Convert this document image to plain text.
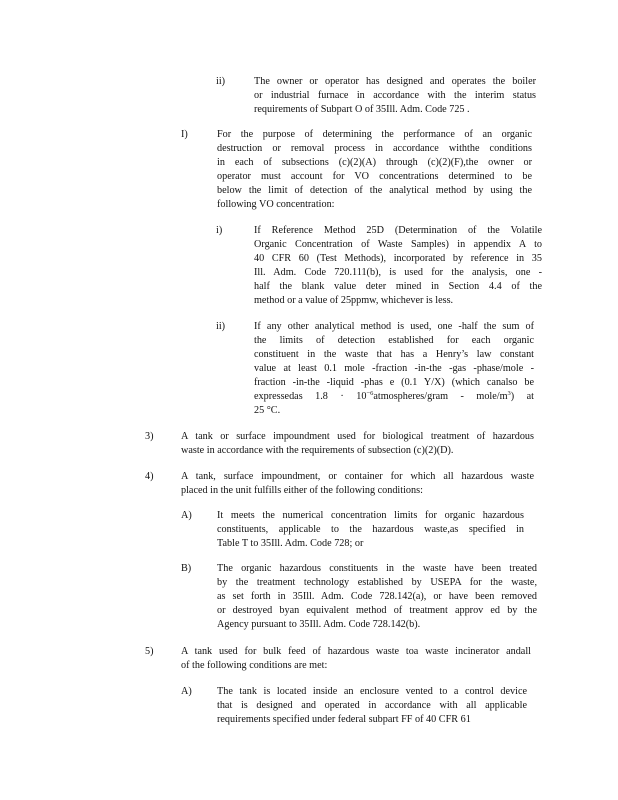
ii)	The owner or operator has designed and operates the boiler
or industrial furnace in accordance with the interim status
requirements of Subpart O of 35Ill. Adm. Code 725 .
I)	For the purpose of determining the performance of an organic
destruction or removal process in accordance withthe conditions
in each of subsections (c)(2)(A) through (c)(2)(F),the owner or
operator must account for VO concentrations determined to be
below the limit of detection of the analytical method by using the
following VO concentration:
i)	If Reference Method 25D (Determination of the Volatile
Organic Concentration of Waste Samples) in appendix A to
40 CFR 60 (Test Methods), incorporated by reference in 35
Ill. Adm. Code 720.111(b), is used for the analysis, one -
half the blank value deter mined in Section 4.4 of the
method or a value of 25ppmw, whichever is less.
ii)	If any other analytical method is used, one -half the sum of
the limits of detection established for each organic
constituent in the waste that has a Henry’s law constant
value at least 0.1 mole -fraction -in-the -gas -phase/mole -
fraction -in-the -liquid -phas e (0.1 Y/X) (which canalso be
expressedas $1.8 \cdot 10^{-6}atmospheres$/gram - mole/$m^3$) at
25 °C.
3)	A tank or surface impoundment used for biological treatment of hazardous
waste in accordance with the requirements of subsection (c)(2)(D).
4)	A tank, surface impoundment, or container for which all hazardous waste
placed in the unit fulfills either of the following conditions:
A) It meets the numerical concentration limits for organic hazardous
constituents, applicable to the hazardous waste,as specified in
Table T to 35Ill. Adm. Code 728; or
B)	The organic hazardous constituents in the waste have been treated
by the treatment technology established by USEPA for the waste,
as set forth in 35Ill. Adm. Code 728.142(a), or have been removed
or destroyed byan equivalent method of treatment approv ed by the
Agency pursuant to 35Ill. Adm. Code 728.142(b).
5)	A tank used for bulk feed of hazardous waste toa waste incinerator andall
of the following conditions are met:
A) The tank is located inside an enclosure vented to a control device
that is designed and operated in accordance with all applicable
requirements specified under federal subpart FF of 40 CFR 61
